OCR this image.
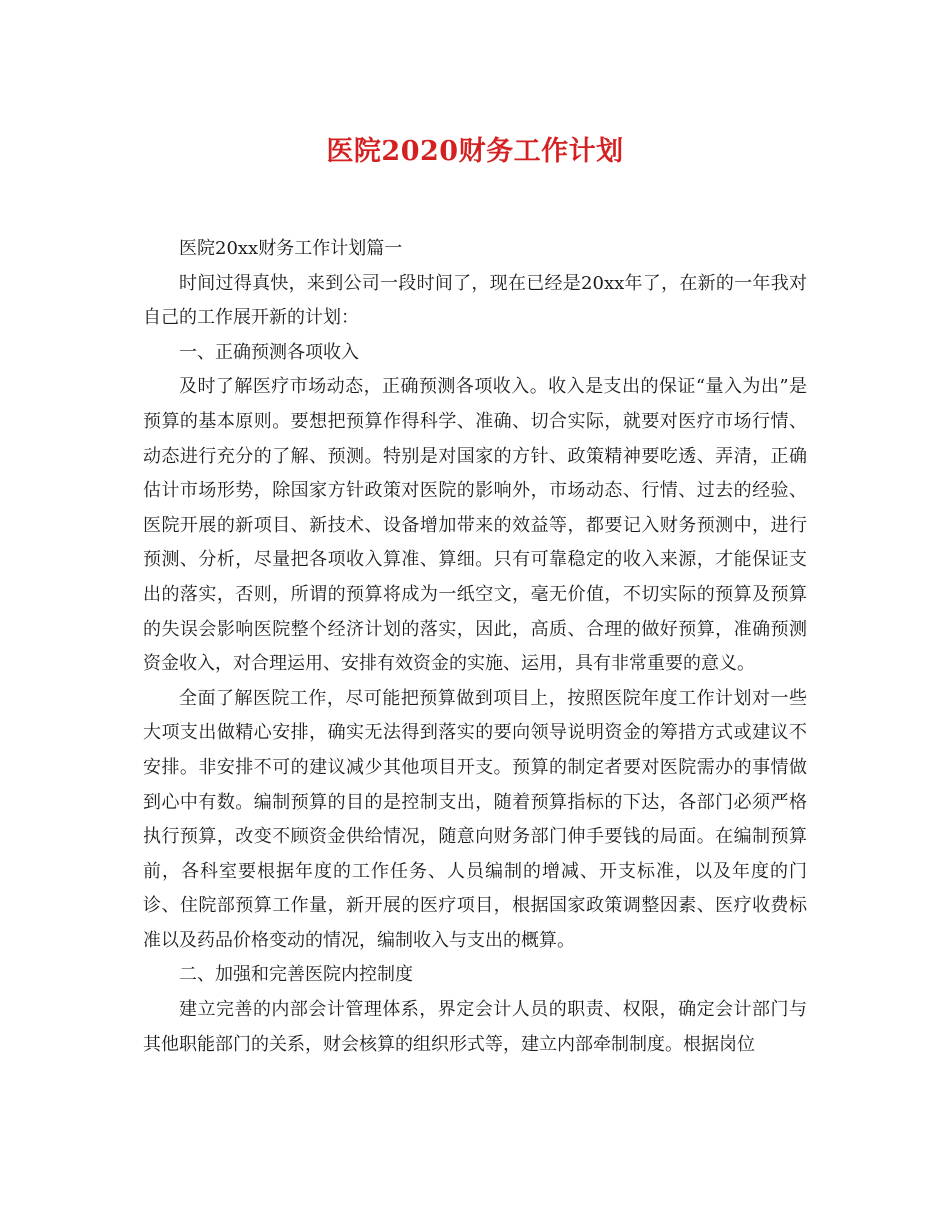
医院2020财务工作计划

医院20xx财务工作计划篇一

时间过得真快，来到公司一段时间了，现在已经是20xx年了，在新的一年我对自己的工作展开新的计划：

一、正确预测各项收入

及时了解医疗市场动态，正确预测各项收入。收入是支出的保证“量入为出”是预算的基本原则。要想把预算作得科学、准确、切合实际，就要对医疗市场行情、动态进行充分的了解、预测。特别是对国家的方针、政策精神要吃透、弄清，正确估计市场形势，除国家方针政策对医院的影响外，市场动态、行情、过去的经验、医院开展的新项目、新技术、设备增加带来的效益等，都要记入财务预测中，进行预测、分析，尽量把各项收入算准、算细。只有可靠稳定的收入来源，才能保证支出的落实，否则，所谓的预算将成为一纸空文，毫无价值，不切实际的预算及预算的失误会影响医院整个经济计划的落实，因此，高质、合理的做好预算，准确预测资金收入，对合理运用、安排有效资金的实施、运用，具有非常重要的意义。

全面了解医院工作，尽可能把预算做到项目上，按照医院年度工作计划对一些大项支出做精心安排，确实无法得到落实的要向领导说明资金的筹措方式或建议不安排。非安排不可的建议减少其他项目开支。预算的制定者要对医院需办的事情做到心中有数。编制预算的目的是控制支出，随着预算指标的下达，各部门必须严格执行预算，改变不顾资金供给情况，随意向财务部门伸手要钱的局面。在编制预算前，各科室要根据年度的工作任务、人员编制的增减、开支标准，以及年度的门诊、住院部预算工作量，新开展的医疗项目，根据国家政策调整因素、医疗收费标准以及药品价格变动的情况，编制收入与支出的概算。

二、加强和完善医院内控制度

建立完善的内部会计管理体系，界定会计人员的职责、权限，确定会计部门与其他职能部门的关系，财会核算的组织形式等，建立内部牵制制度。根据岗位
